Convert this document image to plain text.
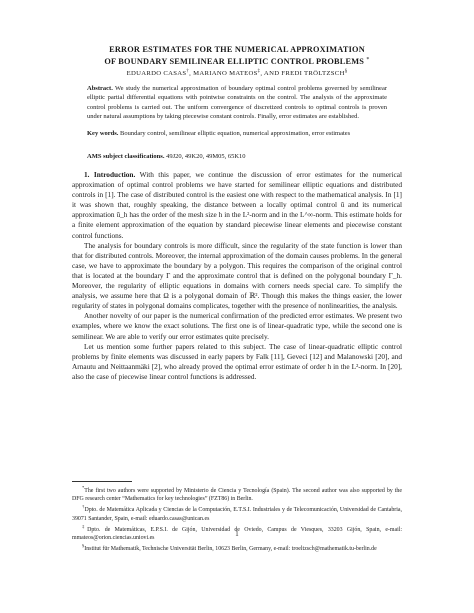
ERROR ESTIMATES FOR THE NUMERICAL APPROXIMATION
OF BOUNDARY SEMILINEAR ELLIPTIC CONTROL PROBLEMS *
EDUARDO CASAS†, MARIANO MATEOS‡, AND FREDI TRÖLTZSCH§
Abstract. We study the numerical approximation of boundary optimal control problems governed by semilinear elliptic partial differential equations with pointwise constraints on the control. The analysis of the approximate control problems is carried out. The uniform convergence of discretized controls to optimal controls is proven under natural assumptions by taking piecewise constant controls. Finally, error estimates are established.
Key words. Boundary control, semilinear elliptic equation, numerical approximation, error estimates
AMS subject classifications. 49J20, 49K20, 49M05, 65K10

1. Introduction. With this paper, we continue the discussion of error estimates for the numerical approximation of optimal control problems we have started for semilinear elliptic equations and distributed controls in [1]. The case of distributed control is the easiest one with respect to the mathematical analysis. In [1] it was shown that, roughly speaking, the distance between a locally optimal control ū and its numerical approximation ū_h has the order of the mesh size h in the L²-norm and in the L^∞-norm. This estimate holds for a finite element approximation of the equation by standard piecewise linear elements and piecewise constant control functions.

The analysis for boundary controls is more difficult, since the regularity of the state function is lower than that for distributed controls. Moreover, the internal approximation of the domain causes problems. In the general case, we have to approximate the boundary by a polygon. This requires the comparison of the original control that is located at the boundary Γ and the approximate control that is defined on the polygonal boundary Γ_h. Moreover, the regularity of elliptic equations in domains with corners needs special care. To simplify the analysis, we assume here that Ω is a polygonal domain of ℝ². Though this makes the things easier, the lower regularity of states in polygonal domains complicates, together with the presence of nonlinearities, the analysis.

Another novelty of our paper is the numerical confirmation of the predicted error estimates. We present two examples, where we know the exact solutions. The first one is of linear-quadratic type, while the second one is semilinear. We are able to verify our error estimates quite precisely.

Let us mention some further papers related to this subject. The case of linear-quadratic elliptic control problems by finite elements was discussed in early papers by Falk [11], Geveci [12] and Malanowski [20], and Arnautu and Neittaanmäki [2], who already proved the optimal error estimate of order h in the L²-norm. In [20], also the case of piecewise linear control functions is addressed.

*The first two authors were supported by Ministerio de Ciencia y Tecnología (Spain). The second author was also supported by the DFG research center “Mathematics for key technologies” (FZT86) in Berlin.
†Dpto. de Matemática Aplicada y Ciencias de la Computación, E.T.S.I. Industriales y de Telecomunicación, Universidad de Cantabria, 39071 Santander, Spain, e-mail: eduardo.casas@unican.es
‡Dpto. de Matemáticas, E.P.S.I. de Gijón, Universidad de Oviedo, Campus de Viesques, 33203 Gijón, Spain, e-mail: mmateos@orion.ciencias.uniovi.es
§Institut für Mathematik, Technische Universität Berlin, 10623 Berlin, Germany, e-mail: troeltzsch@mathematik.tu-berlin.de
1
